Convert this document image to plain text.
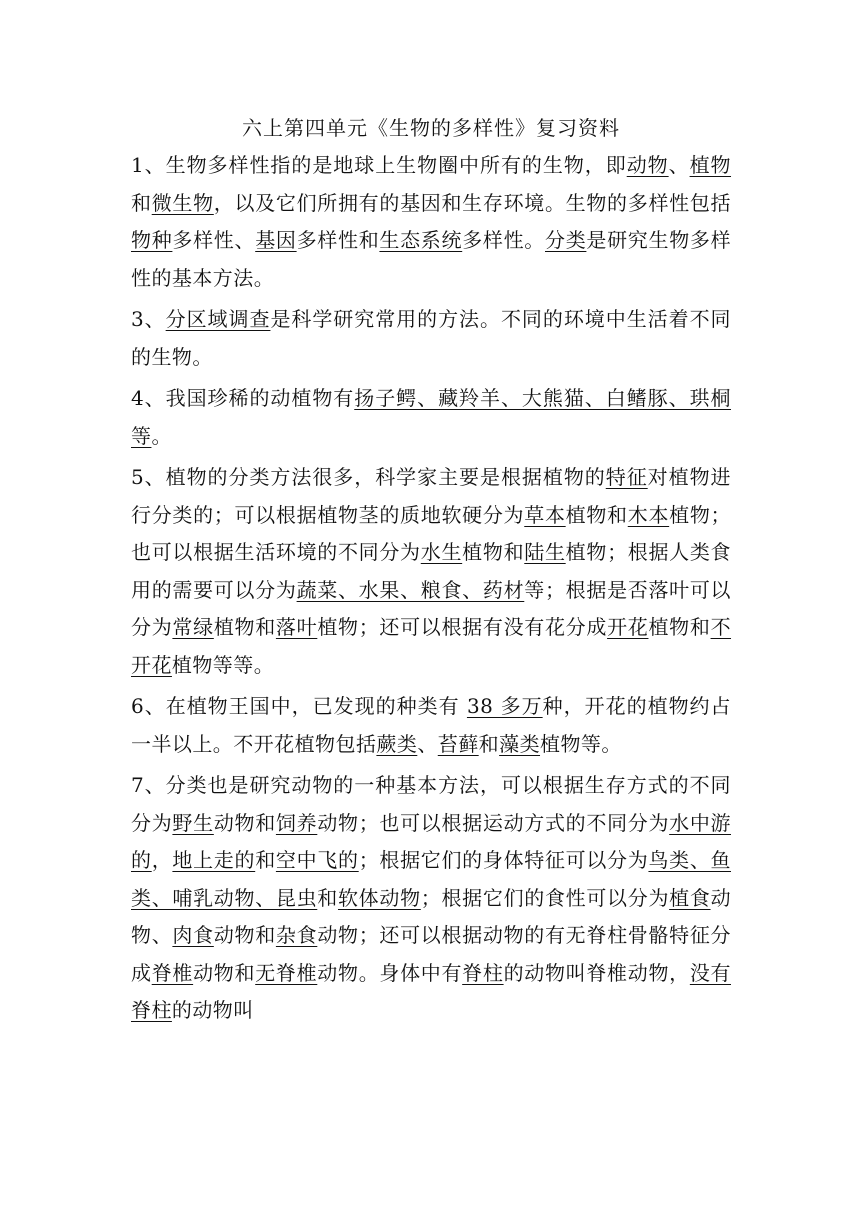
六上第四单元《生物的多样性》复习资料

1、生物多样性指的是地球上生物圈中所有的生物，即动物、植物和微生物，以及它们所拥有的基因和生存环境。生物的多样性包括物种多样性、基因多样性和生态系统多样性。分类是研究生物多样性的基本方法。

3、分区域调查是科学研究常用的方法。不同的环境中生活着不同的生物。

4、我国珍稀的动植物有扬子鳄、藏羚羊、大熊猫、白鳍豚、珙桐等。

5、植物的分类方法很多，科学家主要是根据植物的特征对植物进行分类的；可以根据植物茎的质地软硬分为草本植物和木本植物；也可以根据生活环境的不同分为水生植物和陆生植物；根据人类食用的需要可以分为蔬菜、水果、粮食、药材等；根据是否落叶可以分为常绿植物和落叶植物；还可以根据有没有花分成开花植物和不开花植物等等。

6、在植物王国中，已发现的种类有 38 多万种，开花的植物约占一半以上。不开花植物包括蕨类、苔藓和藻类植物等。

7、分类也是研究动物的一种基本方法，可以根据生存方式的不同分为野生动物和饲养动物；也可以根据运动方式的不同分为水中游的，地上走的和空中飞的；根据它们的身体特征可以分为鸟类、鱼类、哺乳动物、昆虫和软体动物；根据它们的食性可以分为植食动物、肉食动物和杂食动物；还可以根据动物的有无脊柱骨骼特征分成脊椎动物和无脊椎动物。身体中有脊柱的动物叫脊椎动物，没有脊柱的动物叫
